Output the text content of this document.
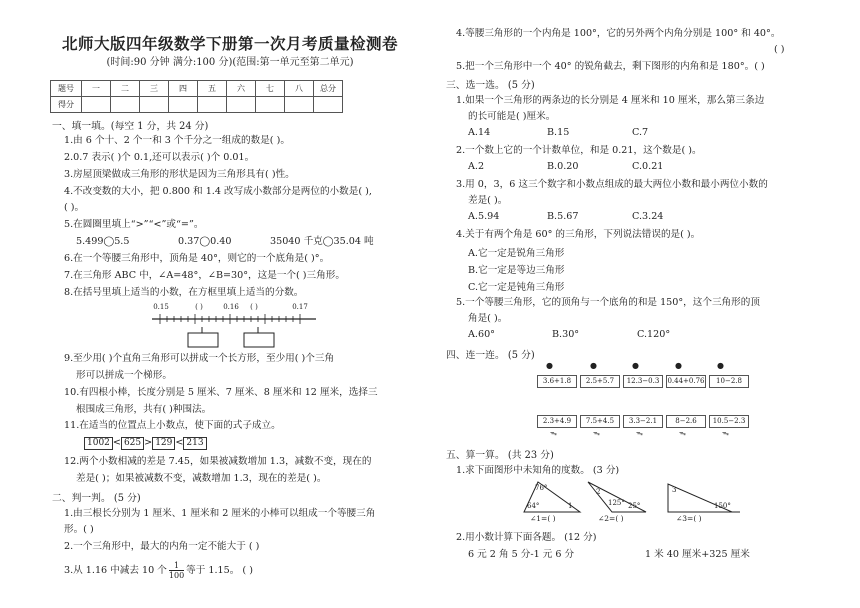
北师大版四年级数学下册第一次月考质量检测卷
(时间:90 分钟 满分:100 分)(范围:第一单元至第二单元)
题号	一	二	三	四	五	六	七	八	总分
得分									
一、填一填。(每空 1 分，共 24 分)
1.由 6 个十、2 个一和 3 个千分之一组成的数是( )。
2.0.7 表示( )个 0.1,还可以表示( )个 0.01。
3.房屋顶梁做成三角形的形状是因为三角形具有( )性。
4.不改变数的大小，把 0.800 和 1.4 改写成小数部分是两位的小数是( ),
( )。
5.在圆圈里填上“>”“<”或“=”。
5.499◯5.5	0.37◯0.40	35040 千克◯35.04 吨
6.在一个等腰三角形中，顶角是 40°，则它的一个底角是( )°。
7.在三角形 ABC 中，∠A=48°，∠B=30°，这是一个( )三角形。
8.在括号里填上适当的小数，在方框里填上适当的分数。
0.15	( )	0.16	( )	0.17
9.至少用( )个直角三角形可以拼成一个长方形，至少用( )个三角
形可以拼成一个梯形。
10.有四根小棒，长度分别是 5 厘米、7 厘米、8 厘米和 12 厘米，选择三
根围成三角形，共有( )种围法。
11.在适当的位置点上小数点，使下面的式子成立。
1002 < 625 > 129 < 213
12.两个小数相减的差是 7.45，如果被减数增加 1.3，减数不变，现在的
差是( )；如果被减数不变，减数增加 1.3，现在的差是( )。
二、判一判。 (5 分)
1.由三根长分别为 1 厘米、1 厘米和 2 厘米的小棒可以组成一个等腰三角
形。( )
2.一个三角形中，最大的内角一定不能大于 ( )
3.从 1.16 中减去 10 个 $\frac{1}{100}$ 等于 1.15。 ( )
4.等腰三角形的一个内角是 100°，它的另外两个内角分别是 100° 和 40°。
( )
5.把一个三角形中一个 40° 的锐角截去，剩下图形的内角和是 180°。( )
三、选一选。 (5 分)
1.如果一个三角形的两条边的长分别是 4 厘米和 10 厘米，那么第三条边
的长可能是( )厘米。
A.14	B.15	C.7
2.一个数上它的一个计数单位，和是 0.21，这个数是( )。
A.2	B.0.20	C.0.21
3.用 0，3，6 这三个数字和小数点组成的最大两位小数和最小两位小数的
差是( )。
A.5.94	B.5.67	C.3.24
4.关于有两个角是 60° 的三角形，下列说法错误的是( )。
A.它一定是锐角三角形
B.它一定是等边三角形
C.它一定是钝角三角形
5.一个等腰三角形，它的顶角与一个底角的和是 150°，这个三角形的顶
角是( )。
A.60°	B.30°	C.120°
四、连一连。 (5 分)
●	●	●	●	●
3.6+1.8	2.5+5.7	12.3−0.3	0.44+0.76	10−2.8
2.3+4.9	7.5+4.5	3.3−2.1	8−2.6	10.5−2.3
ᯓ	ᯓ	ᯓ	ᯓ	ᯓ
五、算一算。 (共 23 分)
1.求下面图形中未知角的度数。 (3 分)
76°
64°	1
∠1=( )
125° 25°
2
∠2=( )
3
150°
∠3=( )
2.用小数计算下面各题。 (12 分)
6 元 2 角 5 分-1 元 6 分	1 米 40 厘米+325 厘米
